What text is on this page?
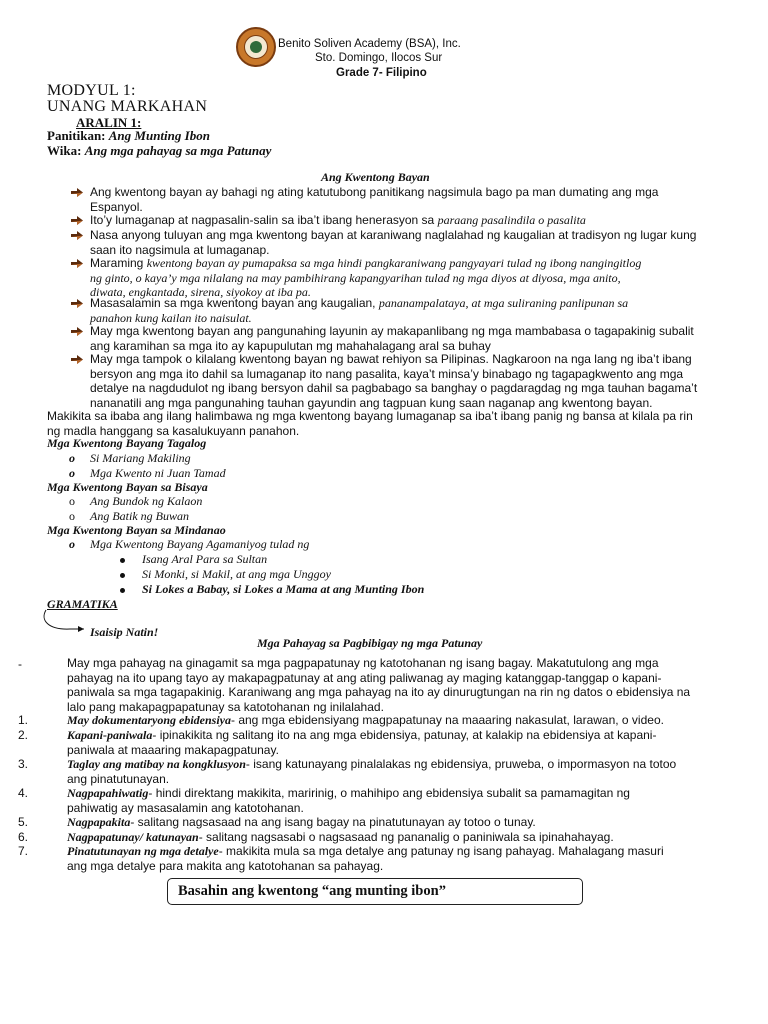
Benito Soliven Academy (BSA), Inc.
Sto. Domingo, Ilocos Sur
Grade 7- Filipino
MODYUL 1:
UNANG MARKAHAN
ARALIN 1:
Panitikan: Ang Munting Ibon
Wika: Ang mga pahayag sa mga Patunay
Ang Kwentong Bayan
Ang kwentong bayan ay bahagi ng ating katutubong panitikang nagsimula bago pa man dumating ang mga
Espanyol.
Ito’y lumaganap at nagpasalin-salin sa iba’t ibang henerasyon sa paraang pasalindila o pasalita
Nasa anyong tuluyan ang mga kwentong bayan at karaniwang naglalahad ng kaugalian at tradisyon ng lugar kung
saan ito nagsimula at lumaganap.
Maraming kwentong bayan ay pumapaksa sa mga hindi pangkaraniwang pangyayari tulad ng ibong nangingitlog
ng ginto, o kaya’y mga nilalang na may pambihirang kapangyarihan tulad ng mga diyos at diyosa, mga anito,
diwata, engkantada, sirena, siyokoy at iba pa.
Masasalamin sa mga kwentong bayan ang kaugalian, pananampalataya, at mga suliraning panlipunan sa
panahon kung kailan ito naisulat.
May mga kwentong bayan ang pangunahing layunin ay makapanlibang ng mga mambabasa o tagapakinig subalit
ang karamihan sa mga ito ay kapupulutan mg mahahalagang aral sa buhay
May mga tampok o kilalang kwentong bayan ng bawat rehiyon sa Pilipinas. Nagkaroon na nga lang ng iba’t ibang
bersyon ang mga ito dahil sa lumaganap ito nang pasalita, kaya’t minsa’y binabago ng tagapagkwento ang mga
detalye na nagdudulot ng ibang bersyon dahil sa pagbabago sa banghay o pagdaragdag ng mga tauhan bagama’t
nananatili ang mga pangunahing tauhan gayundin ang tagpuan kung saan naganap ang kwentong bayan.
Makikita sa ibaba ang ilang halimbawa ng mga kwentong bayang lumaganap sa iba’t ibang panig ng bansa at kilala pa rin
ng madla hanggang sa kasalukuyann panahon.
Mga Kwentong Bayang Tagalog
o Si Mariang Makiling
o Mga Kwento ni Juan Tamad
Mga Kwentong Bayan sa Bisaya
o Ang Bundok ng Kalaon
o Ang Batik ng Buwan
Mga Kwentong Bayan sa Mindanao
o Mga Kwentong Bayang Agamaniyog tulad ng
Isang Aral Para sa Sultan
Si Monki, si Makil, at ang mga Unggoy
Si Lokes a Babay, si Lokes a Mama at ang Munting Ibon
GRAMATIKA
Isaisip Natin!
Mga Pahayag sa Pagbibigay ng mga Patunay
-	May mga pahayag na ginagamit sa mga pagpapatunay ng katotohanan ng isang bagay. Makatutulong ang mga
pahayag na ito upang tayo ay makapagpatunay at ang ating paliwanag ay maging katanggap-tanggap o kapani-
paniwala sa mga tagapakinig. Karaniwang ang mga pahayag na ito ay dinurugtungan na rin ng datos o ebidensiya na
lalo pang makapagpapatunay sa katotohanan ng inilalahad.
1.	May dokumentaryong ebidensiya- ang mga ebidensiyang magpapatunay na maaaring nakasulat, larawan, o video.
2.	Kapani-paniwala- ipinakikita ng salitang ito na ang mga ebidensiya, patunay, at kalakip na ebidensiya at kapani-
paniwala at maaaring makapagpatunay.
3.	Taglay ang matibay na kongklusyon- isang katunayang pinalalakas ng ebidensiya, pruweba, o impormasyon na totoo
ang pinatutunayan.
4.	Nagpapahiwatig- hindi direktang makikita, maririnig, o mahihipo ang ebidensiya subalit sa pamamagitan ng
pahiwatig ay masasalamin ang katotohanan.
5.	Nagpapakita- salitang nagsasaad na ang isang bagay na pinatutunayan ay totoo o tunay.
6.	Nagpapatunay/ katunayan- salitang nagsasabi o nagsasaad ng pananalig o paniniwala sa ipinahahayag.
7.	Pinatutunayan ng mga detalye- makikita mula sa mga detalye ang patunay ng isang pahayag. Mahalagang masuri
ang mga detalye para makita ang katotohanan sa pahayag.
Basahin ang kwentong “ang munting ibon”
